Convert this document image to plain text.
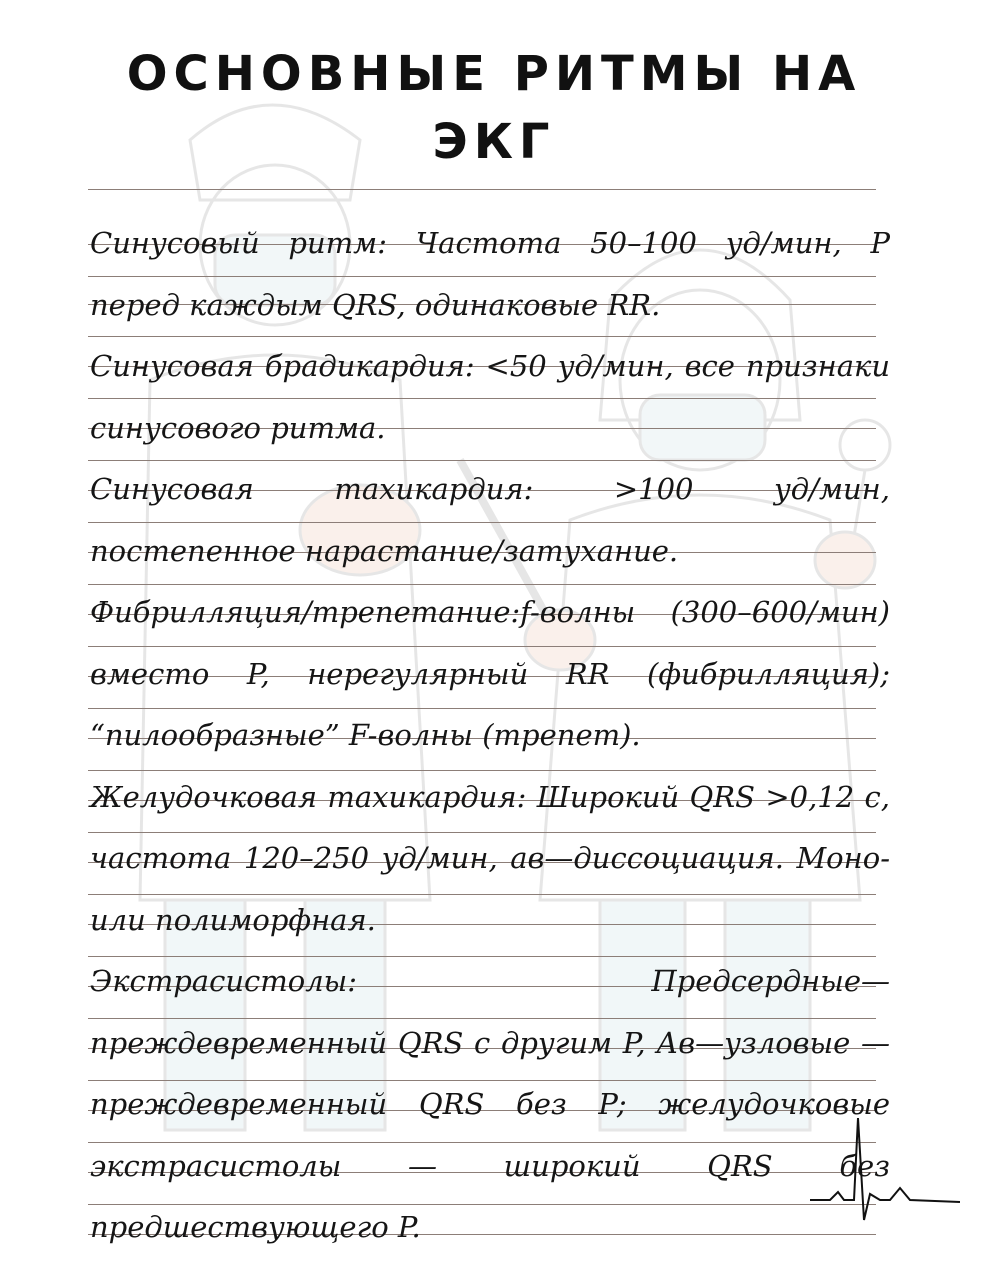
ОСНОВНЫЕ РИТМЫ НА ЭКГ

Синусовый ритм: Частота 50–100 уд/мин, P перед каждым QRS, одинаковые RR.

Синусовая брадикардия: <50 уд/мин, все признаки синусового ритма.

Синусовая тахикардия: >100 уд/мин, постепенное нарастание/затухание.

Фибрилляция/трепетание:f-волны (300–600/мин) вместо P, нерегулярный RR (фибрилляция); “пилообразные” F-волны (трепет).

Желудочковая тахикардия: Широкий QRS >0,12 с, частота 120–250 уд/мин, ав—диссоциация. Моно-или полиморфная.

Экстрасистолы: Предсердные— преждевременный QRS с другим P, Ав—узловые — преждевременный QRS без P; желудочковые экстрасистолы — широкий QRS без предшествующего P.
